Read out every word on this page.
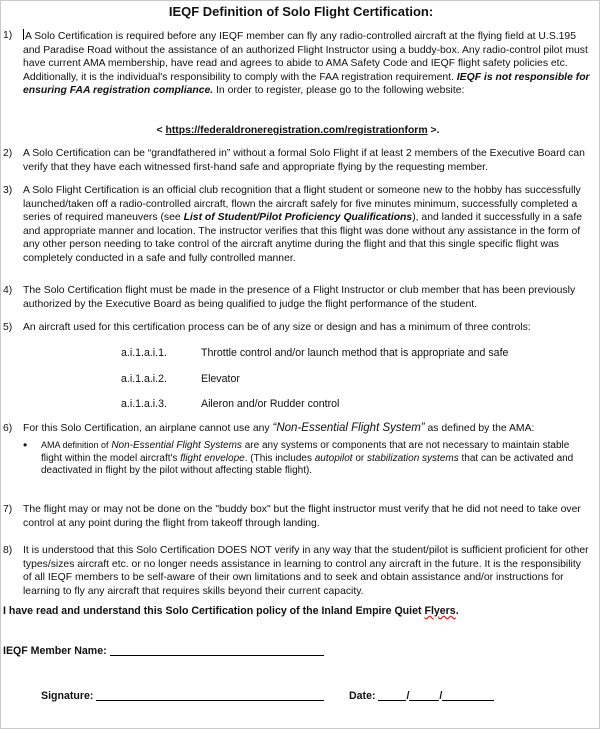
IEQF Definition of Solo Flight Certification:
1)	A Solo Certification is required before any IEQF member can fly any radio-controlled aircraft at the flying field at U.S.195 and Paradise Road without the assistance of an authorized Flight Instructor using a buddy-box. Any radio-control pilot must have current AMA membership, have read and agrees to abide to AMA Safety Code and IEQF flight safety policies etc. Additionally, it is the individual's responsibility to comply with the FAA registration requirement. IEQF is not responsible for ensuring FAA registration compliance. In order to register, please go to the following website:
< https://federaldroneregistration.com/registrationform >.
2)	A Solo Certification can be “grandfathered in” without a formal Solo Flight if at least 2 members of the Executive Board can verify that they have each witnessed first-hand safe and appropriate flying by the requesting member.
3)	A Solo Flight Certification is an official club recognition that a flight student or someone new to the hobby has successfully launched/taken off a radio-controlled aircraft, flown the aircraft safely for five minutes minimum, successfully completed a series of required maneuvers (see List of Student/Pilot Proficiency Qualifications), and landed it successfully in a safe and appropriate manner and location. The instructor verifies that this flight was done without any assistance in the form of any other person needing to take control of the aircraft anytime during the flight and that this single specific flight was completely conducted in a safe and fully controlled manner.
4)	The Solo Certification flight must be made in the presence of a Flight Instructor or club member that has been previously authorized by the Executive Board as being qualified to judge the flight performance of the student.
5)	An aircraft used for this certification process can be of any size or design and has a minimum of three controls:
a.i.1.a.i.1.	Throttle control and/or launch method that is appropriate and safe
a.i.1.a.i.2.	Elevator
a.i.1.a.i.3.	Aileron and/or Rudder control
6)	For this Solo Certification, an airplane cannot use any “Non-Essential Flight System” as defined by the AMA:
• AMA definition of Non-Essential Flight Systems are any systems or components that are not necessary to maintain stable flight within the model aircraft's flight envelope. (This includes autopilot or stabilization systems that can be activated and deactivated in flight by the pilot without affecting stable flight).
7)	The flight may or may not be done on the "buddy box" but the flight instructor must verify that he did not need to take over control at any point during the flight from takeoff through landing.
8)	It is understood that this Solo Certification DOES NOT verify in any way that the student/pilot is sufficient proficient for other types/sizes aircraft etc. or no longer needs assistance in learning to control any aircraft in the future. It is the responsibility of all IEQF members to be self-aware of their own limitations and to seek and obtain assistance and/or instructions for learning to fly any aircraft that requires skills beyond their current capacity.
I have read and understand this Solo Certification policy of the Inland Empire Quiet Flyers.
IEQF Member Name:
Signature:	Date:	/	/
